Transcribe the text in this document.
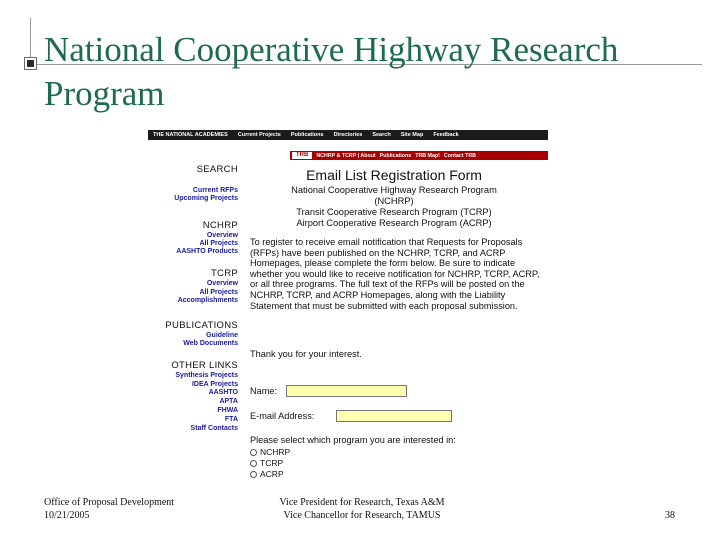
National Cooperative Highway Research
Program
THE NATIONAL ACADEMIES	Current Projects	Publications	Directories	Search	Site Map	Feedback
TRB	NCHRP & TCRP | About Publications TRB Map! Contact TRB
SEARCH
Current RFPs
Upcoming Projects
NCHRP
Overview
All Projects
AASHTO Products
TCRP
Overview
All Projects
Accomplishments
PUBLICATIONS
Guideline
Web Documents
OTHER LINKS
Synthesis Projects
IDEA Projects
AASHTO
APTA
FHWA
FTA
Staff Contacts
Email List Registration Form
National Cooperative Highway Research Program
(NCHRP)
Transit Cooperative Research Program (TCRP)
Airport Cooperative Research Program (ACRP)
To register to receive email notification that Requests for Proposals (RFPs) have been published on the NCHRP, TCRP, and ACRP Homepages, please complete the form below. Be sure to indicate whether you would like to receive notification for NCHRP, TCRP, ACRP, or all three programs. The full text of the RFPs will be posted on the NCHRP, TCRP, and ACRP Homepages, along with the Liability Statement that must be submitted with each proposal submission.
Thank you for your interest.
Name:
E-mail Address:
Please select which program you are interested in:
NCHRP
TCRP
ACRP
Office of Proposal Development
10/21/2005
Vice President for Research, Texas A&M
Vice Chancellor for Research, TAMUS	38
